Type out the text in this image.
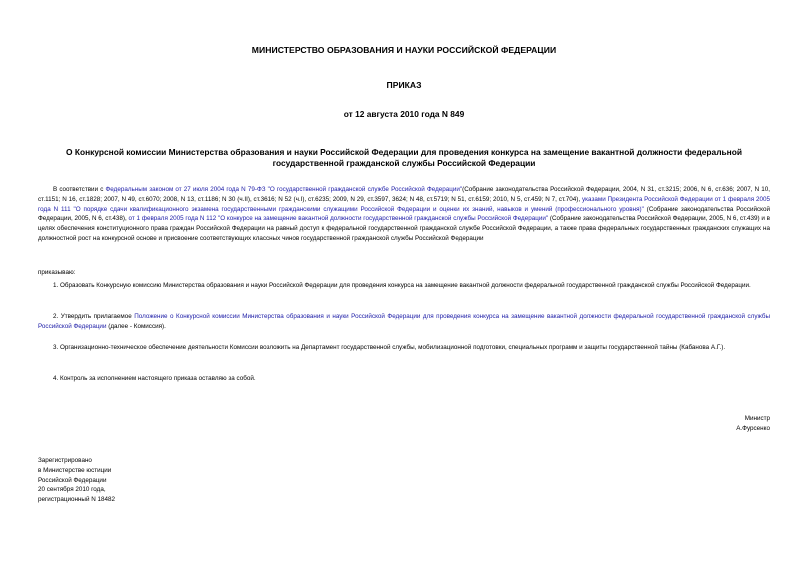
МИНИСТЕРСТВО ОБРАЗОВАНИЯ И НАУКИ РОССИЙСКОЙ ФЕДЕРАЦИИ
ПРИКАЗ
от 12 августа 2010 года N 849
О Конкурсной комиссии Министерства образования и науки Российской Федерации для проведения конкурса на замещение вакантной должности федеральной
государственной гражданской службы Российской Федерации
В соответствии с Федеральным законом от 27 июля 2004 года N 79-ФЗ "О государственной гражданской службе Российской Федерации"(Собрание законодательства Российской Федерации, 2004, N 31, ст.3215; 2006, N 6, ст.636; 2007, N 10, ст.1151; N 16, ст.1828; 2007, N 49, ст.6070; 2008, N 13, ст.1186; N 30 (ч.II), ст.3616; N 52 (ч.I), ст.6235; 2009, N 29, ст.3597, 3624; N 48, ст.5719; N 51, ст.6159; 2010, N 5, ст.459; N 7, ст.704), указами Президента Российской Федерации от 1 февраля 2005 года N 111 "О порядке сдачи квалификационного экзамена государственными гражданскими служащими Российской Федерации и оценки их знаний, навыков и умений (профессионального уровня)" (Собрание законодательства Российской Федерации, 2005, N 6, ст.438), от 1 февраля 2005 года N 112 "О конкурсе на замещение вакантной должности государственной гражданской службы Российской Федерации" (Собрание законодательства Российской Федерации, 2005, N 6, ст.439) и в целях обеспечения конституционного права граждан Российской Федерации на равный доступ к федеральной государственной гражданской службе Российской Федерации, а также права федеральных государственных гражданских служащих на должностной рост на конкурсной основе и присвоение соответствующих классных чинов государственной гражданской службы Российской Федерации
приказываю:
1. Образовать Конкурсную комиссию Министерства образования и науки Российской Федерации для проведения конкурса на замещение вакантной должности федеральной государственной гражданской службы Российской Федерации.
2. Утвердить прилагаемое Положение о Конкурсной комиссии Министерства образования и науки Российской Федерации для проведения конкурса на замещение вакантной должности федеральной государственной гражданской службы Российской Федерации (далее - Комиссия).
3. Организационно-техническое обеспечение деятельности Комиссии возложить на Департамент государственной службы, мобилизационной подготовки, специальных программ и защиты государственной тайны (Кабанова А.Г.).
4. Контроль за исполнением настоящего приказа оставляю за собой.
Министр
А.Фурсенко
Зарегистрировано
в Министерстве юстиции
Российской Федерации
20 сентября 2010 года,
регистрационный N 18482
